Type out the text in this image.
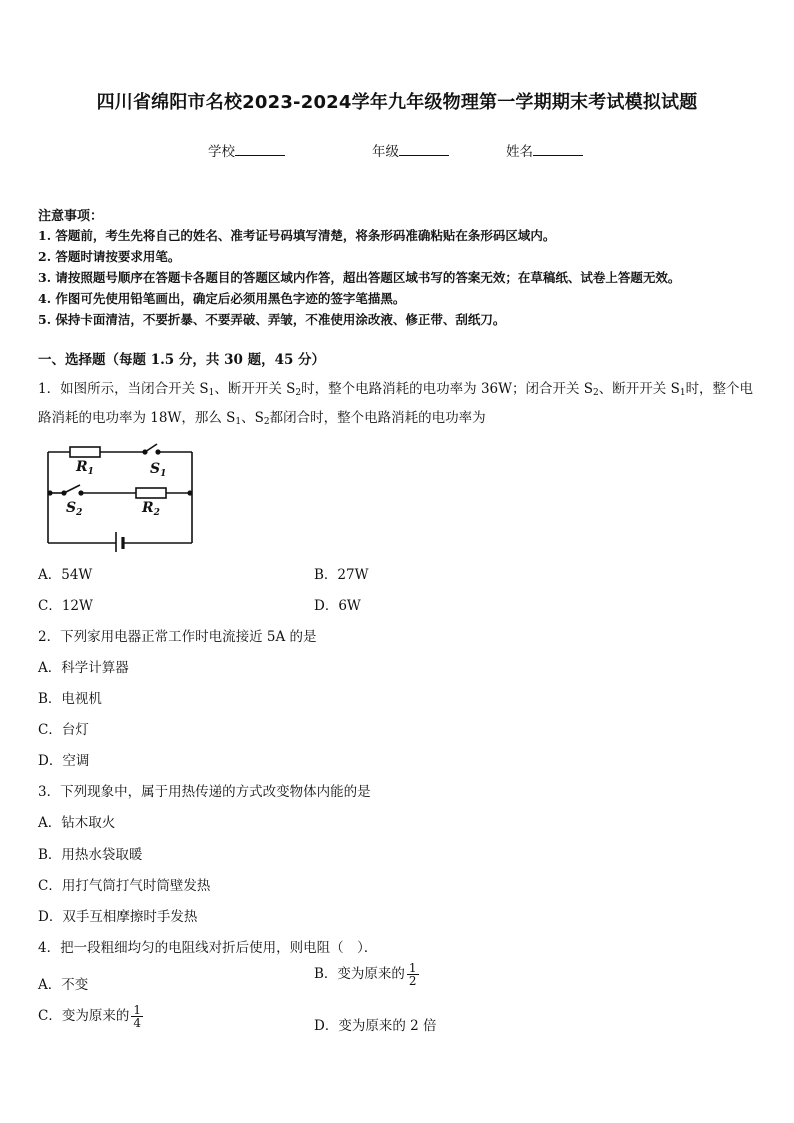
四川省绵阳市名校2023-2024学年九年级物理第一学期期末考试模拟试题
学校	年级	姓名
注意事项：
1. 答题前，考生先将自己的姓名、准考证号码填写清楚，将条形码准确粘贴在条形码区域内。
2. 答题时请按要求用笔。
3. 请按照题号顺序在答题卡各题目的答题区域内作答，超出答题区域书写的答案无效；在草稿纸、试卷上答题无效。
4. 作图可先使用铅笔画出，确定后必须用黑色字迹的签字笔描黑。
5. 保持卡面清洁，不要折暴、不要弄破、弄皱，不准使用涂改液、修正带、刮纸刀。
一、选择题（每题 1.5 分，共 30 题，45 分）
1．如图所示，当闭合开关 $S_1$、断开开关 $S_2$时，整个电路消耗的电功率为 36W；闭合开关 $S_2$、断开开关 $S_1$时，整个电
路消耗的电功率为 18W，那么 $S_1$、$S_2$都闭合时，整个电路消耗的电功率为
$R_1$	$S_1$
$S_2$	$R_2$
A．54W	B．27W
C．12W	D．6W
2．下列家用电器正常工作时电流接近 5A 的是
A．科学计算器
B．电视机
C．台灯
D．空调
3．下列现象中，属于用热传递的方式改变物体内能的是
A．钻木取火
B．用热水袋取暖
C．用打气筒打气时筒壁发热
D．双手互相摩擦时手发热
4．把一段粗细均匀的电阻线对折后使用，则电阻（　）．
A．不变
B．变为原来的 $\frac{1}{2}$
C．变为原来的 $\frac{1}{4}$	D．变为原来的 2 倍
